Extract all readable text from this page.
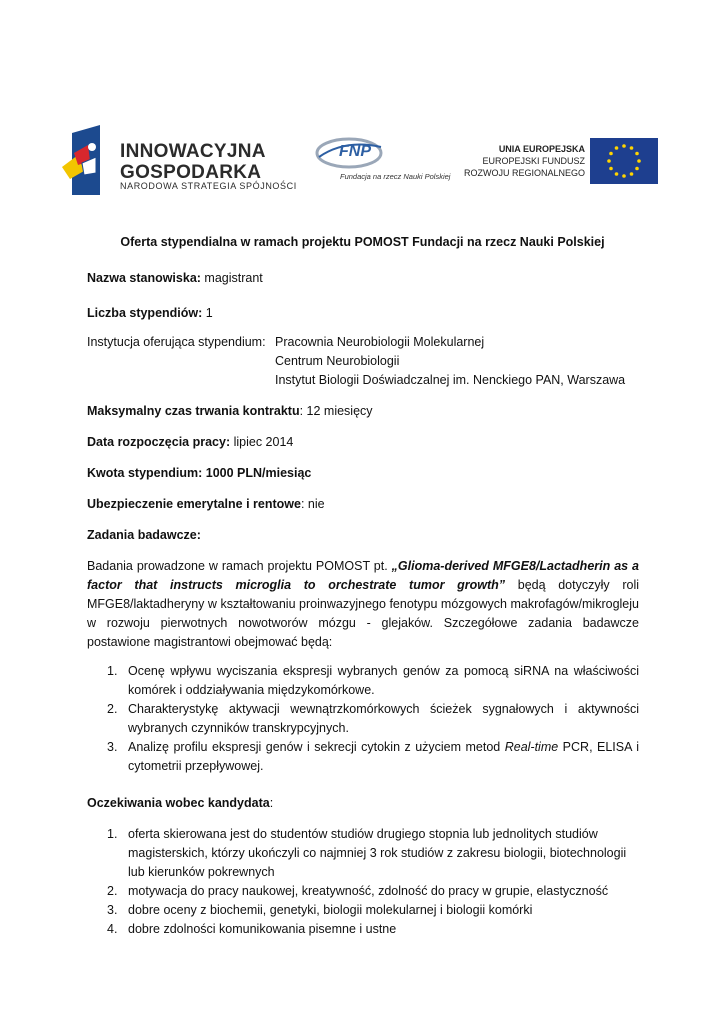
INNOWACYJNA
GOSPODARKA
NARODOWA STRATEGIA SPÓJNOŚCI
FNP
Fundacja na rzecz Nauki Polskiej
UNIA EUROPEJSKA
EUROPEJSKI FUNDUSZ
ROZWOJU REGIONALNEGO
Oferta stypendialna w ramach projektu POMOST Fundacji na rzecz Nauki Polskiej
Nazwa stanowiska: magistrant
Liczba stypendiów: 1
Instytucja oferująca stypendium: Pracownia Neurobiologii Molekularnej
Centrum Neurobiologii
Instytut Biologii Doświadczalnej im. Nenckiego PAN, Warszawa
Maksymalny czas trwania kontraktu: 12 miesięcy
Data rozpoczęcia pracy: lipiec 2014
Kwota stypendium: 1000 PLN/miesiąc
Ubezpieczenie emerytalne i rentowe: nie
Zadania badawcze:

Badania prowadzone w ramach projektu POMOST pt. „Glioma-derived MFGE8/Lactadherin as a factor that instructs microglia to orchestrate tumor growth” będą dotyczyły roli MFGE8/laktadheryny w kształtowaniu proinwazyjnego fenotypu mózgowych makrofagów/mikrogleju w rozwoju pierwotnych nowotworów mózgu - glejaków. Szczegółowe zadania badawcze postawione magistrantowi obejmować będą:

1. Ocenę wpływu wyciszania ekspresji wybranych genów za pomocą siRNA na właściwości komórek i oddziaływania międzykomórkowe.
2. Charakterystykę aktywacji wewnątrzkomórkowych ścieżek sygnałowych i aktywności wybranych czynników transkrypcyjnych.
3. Analizę profilu ekspresji genów i sekrecji cytokin z użyciem metod Real-time PCR, ELISA i cytometrii przepływowej.
Oczekiwania wobec kandydata:
1. oferta skierowana jest do studentów studiów drugiego stopnia lub jednolitych studiów magisterskich, którzy ukończyli co najmniej 3 rok studiów z zakresu biologii, biotechnologii lub kierunków pokrewnych
2. motywacja do pracy naukowej, kreatywność, zdolność do pracy w grupie, elastyczność
3. dobre oceny z biochemii, genetyki, biologii molekularnej i biologii komórki
4. dobre zdolności komunikowania pisemne i ustne
